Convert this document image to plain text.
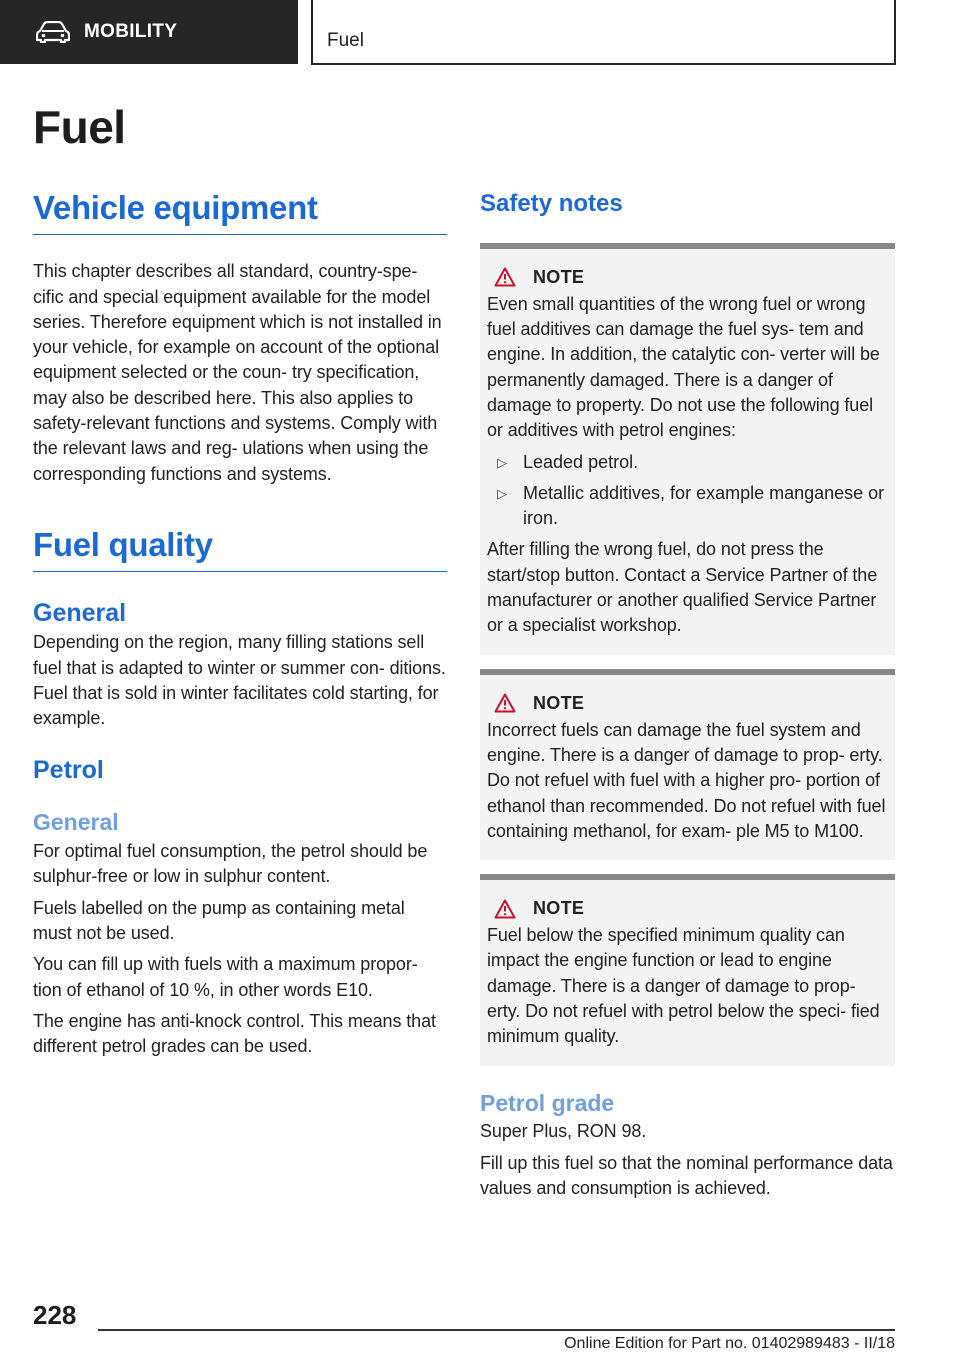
MOBILITY	Fuel
Fuel
Vehicle equipment
This chapter describes all standard, country-spe‐ cific and special equipment available for the model series. Therefore equipment which is not installed in your vehicle, for example on account of the optional equipment selected or the coun‐ try specification, may also be described here. This also applies to safety-relevant functions and systems. Comply with the relevant laws and reg‐ ulations when using the corresponding functions and systems.
Fuel quality
General
Depending on the region, many filling stations sell fuel that is adapted to winter or summer con‐ ditions. Fuel that is sold in winter facilitates cold starting, for example.
Petrol
General
For optimal fuel consumption, the petrol should be sulphur-free or low in sulphur content.
Fuels labelled on the pump as containing metal must not be used.
You can fill up with fuels with a maximum propor‐ tion of ethanol of 10 %, in other words E10.
The engine has anti-knock control. This means that different petrol grades can be used.
Safety notes
NOTE
Even small quantities of the wrong fuel or wrong fuel additives can damage the fuel sys‐ tem and engine. In addition, the catalytic con‐ verter will be permanently damaged. There is a danger of damage to property. Do not use the following fuel or additives with petrol engines:
▷ Leaded petrol.
▷ Metallic additives, for example manganese or iron.
After filling the wrong fuel, do not press the start/stop button. Contact a Service Partner of the manufacturer or another qualified Service Partner or a specialist workshop.
NOTE
Incorrect fuels can damage the fuel system and engine. There is a danger of damage to prop‐ erty. Do not refuel with fuel with a higher pro‐ portion of ethanol than recommended. Do not refuel with fuel containing methanol, for exam‐ ple M5 to M100.
NOTE
Fuel below the specified minimum quality can impact the engine function or lead to engine damage. There is a danger of damage to prop‐ erty. Do not refuel with petrol below the speci‐ fied minimum quality.
Petrol grade
Super Plus, RON 98.
Fill up this fuel so that the nominal performance data values and consumption is achieved.
228
Online Edition for Part no. 01402989483 - II/18
